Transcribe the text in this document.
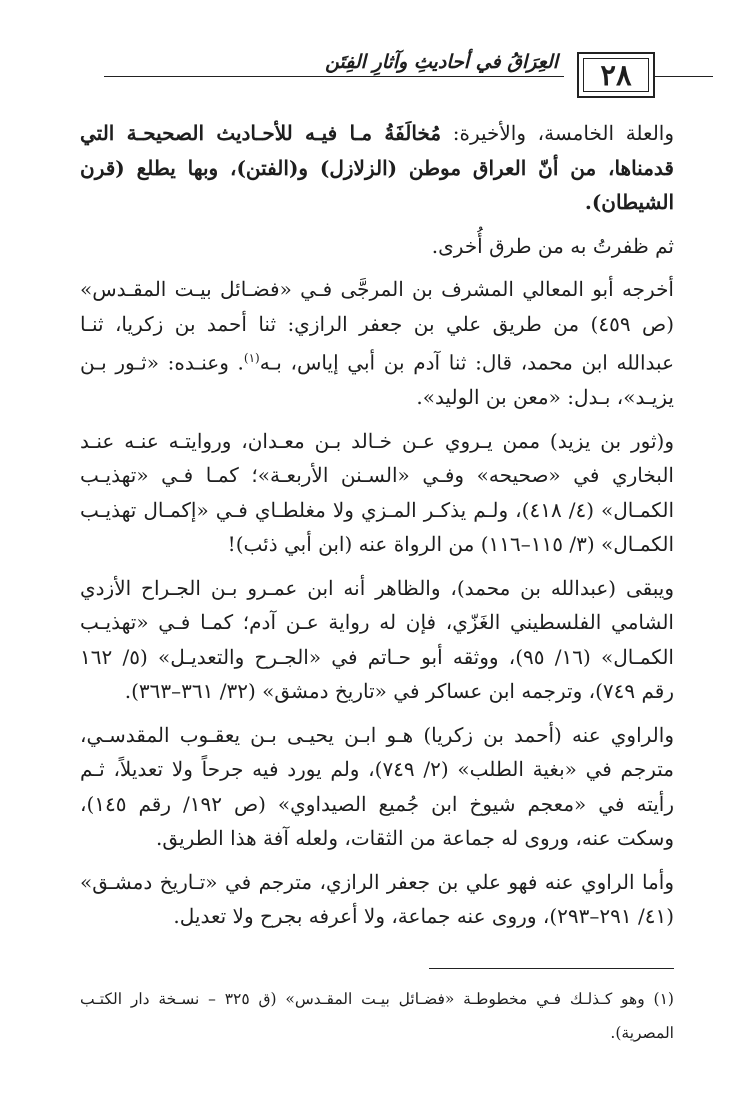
العِرَاقُ في أحاديثِ وآثارِ الفِتَن ٢٨

والعلة الخامسة، والأخيرة: مُخالَفَةُ مـا فيـه للأحـاديث الصحيحـة التي قدمناها، من أنّ العراق موطن (الزلازل) و(الفتن)، وبها يطلع (قرن الشيطان).

ثم ظفرتُ به من طرق أُخرى.

أخرجه أبو المعالي المشرف بن المرجَّى فـي «فضـائل بيـت المقـدس» (ص ٤٥٩) من طريق علي بن جعفر الرازي: ثنا أحمد بن زكريا، ثنـا عبدالله ابن محمد، قال: ثنا آدم بن أبي إياس، بـه$^{(١)}$. وعنـده: «ثـور بـن يزيـد»، بـدل: «معن بن الوليد».

و(ثور بن يزيد) ممن يـروي عـن خـالد بـن معـدان، وروايتـه عنـه عنـد البخاري في «صحيحه» وفـي «السـنن الأربعـة»؛ كمـا فـي «تهذيـب الكمـال» (٤/ ٤١٨)، ولـم يذكـر المـزي ولا مغلطـاي فـي «إكمـال تهذيـب الكمـال» (٣/ ١١٥–١١٦) من الرواة عنه (ابن أبي ذئب)!

ويبقى (عبدالله بن محمد)، والظاهر أنه ابن عمـرو بـن الجـراح الأزدي الشامي الفلسطيني الغَزّي، فإن له رواية عـن آدم؛ كمـا فـي «تهذيـب الكمـال» (١٦/ ٩٥)، ووثقه أبو حـاتم في «الجـرح والتعديـل» (٥/ ١٦٢ رقم ٧٤٩)، وترجمه ابن عساكر في «تاريخ دمشق» (٣٢/ ٣٦١–٣٦٣).

والراوي عنه (أحمد بن زكريا) هـو ابـن يحيـى بـن يعقـوب المقدسـي، مترجم في «بغية الطلب» (٢/ ٧٤٩)، ولم يورد فيه جرحاً ولا تعديلاً، ثـم رأيته في «معجم شيوخ ابن جُميع الصيداوي» (ص ١٩٢/ رقم ١٤٥)، وسكت عنه، وروى له جماعة من الثقات، ولعله آفة هذا الطريق.

وأما الراوي عنه فهو علي بن جعفر الرازي، مترجم في «تـاريخ دمشـق» (٤١/ ٢٩١–٢٩٣)، وروى عنه جماعة، ولا أعرفه بجرح ولا تعديل.

(١) وهو كـذلـك فـي مخطوطـة «فضـائل بيـت المقـدس» (ق ٣٢٥ – نسـخة دار الكتـب المصرية).
